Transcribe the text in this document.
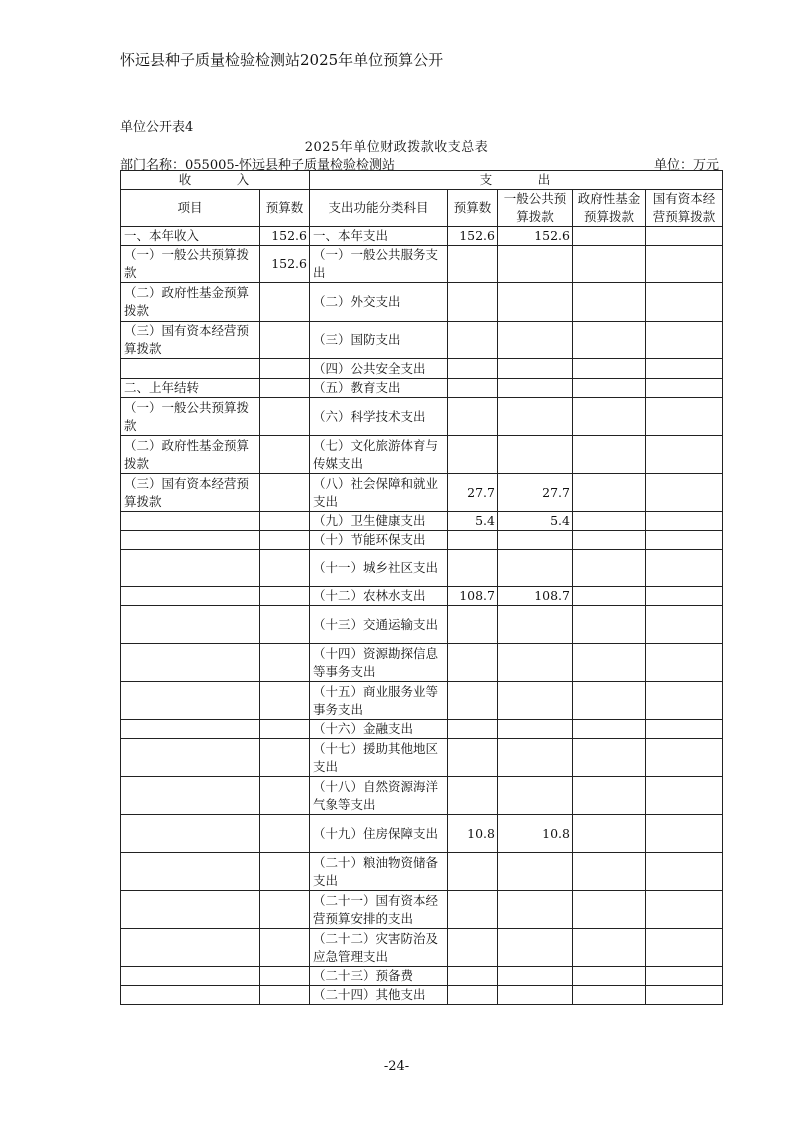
怀远县种子质量检验检测站2025年单位预算公开
单位公开表4
2025年单位财政拨款收支总表
部门名称：055005-怀远县种子质量检验检测站	单位：万元
收　　　入		支　　　出				
项目	预算数	支出功能分类科目	预算数	一般公共预算拨款	政府性基金预算拨款	国有资本经营预算拨款
一、本年收入	152.6	一、本年支出	152.6	152.6		
（一）一般公共预算拨款	152.6	（一）一般公共服务支出				
（二）政府性基金预算拨款		（二）外交支出				
（三）国有资本经营预算拨款		（三）国防支出				
		（四）公共安全支出				
二、上年结转		（五）教育支出				
（一）一般公共预算拨款		（六）科学技术支出				
（二）政府性基金预算拨款		（七）文化旅游体育与传媒支出				
（三）国有资本经营预算拨款		（八）社会保障和就业支出	27.7	27.7		
		（九）卫生健康支出	5.4	5.4		
		（十）节能环保支出				
		（十一）城乡社区支出				
		（十二）农林水支出	108.7	108.7		
		（十三）交通运输支出				
		（十四）资源勘探信息等事务支出				
		（十五）商业服务业等事务支出				
		（十六）金融支出				
		（十七）援助其他地区支出				
		（十八）自然资源海洋气象等支出				
		（十九）住房保障支出	10.8	10.8		
		（二十）粮油物资储备支出				
		（二十一）国有资本经营预算安排的支出				
		（二十二）灾害防治及应急管理支出				
		（二十三）预备费				
		（二十四）其他支出				
-24-
